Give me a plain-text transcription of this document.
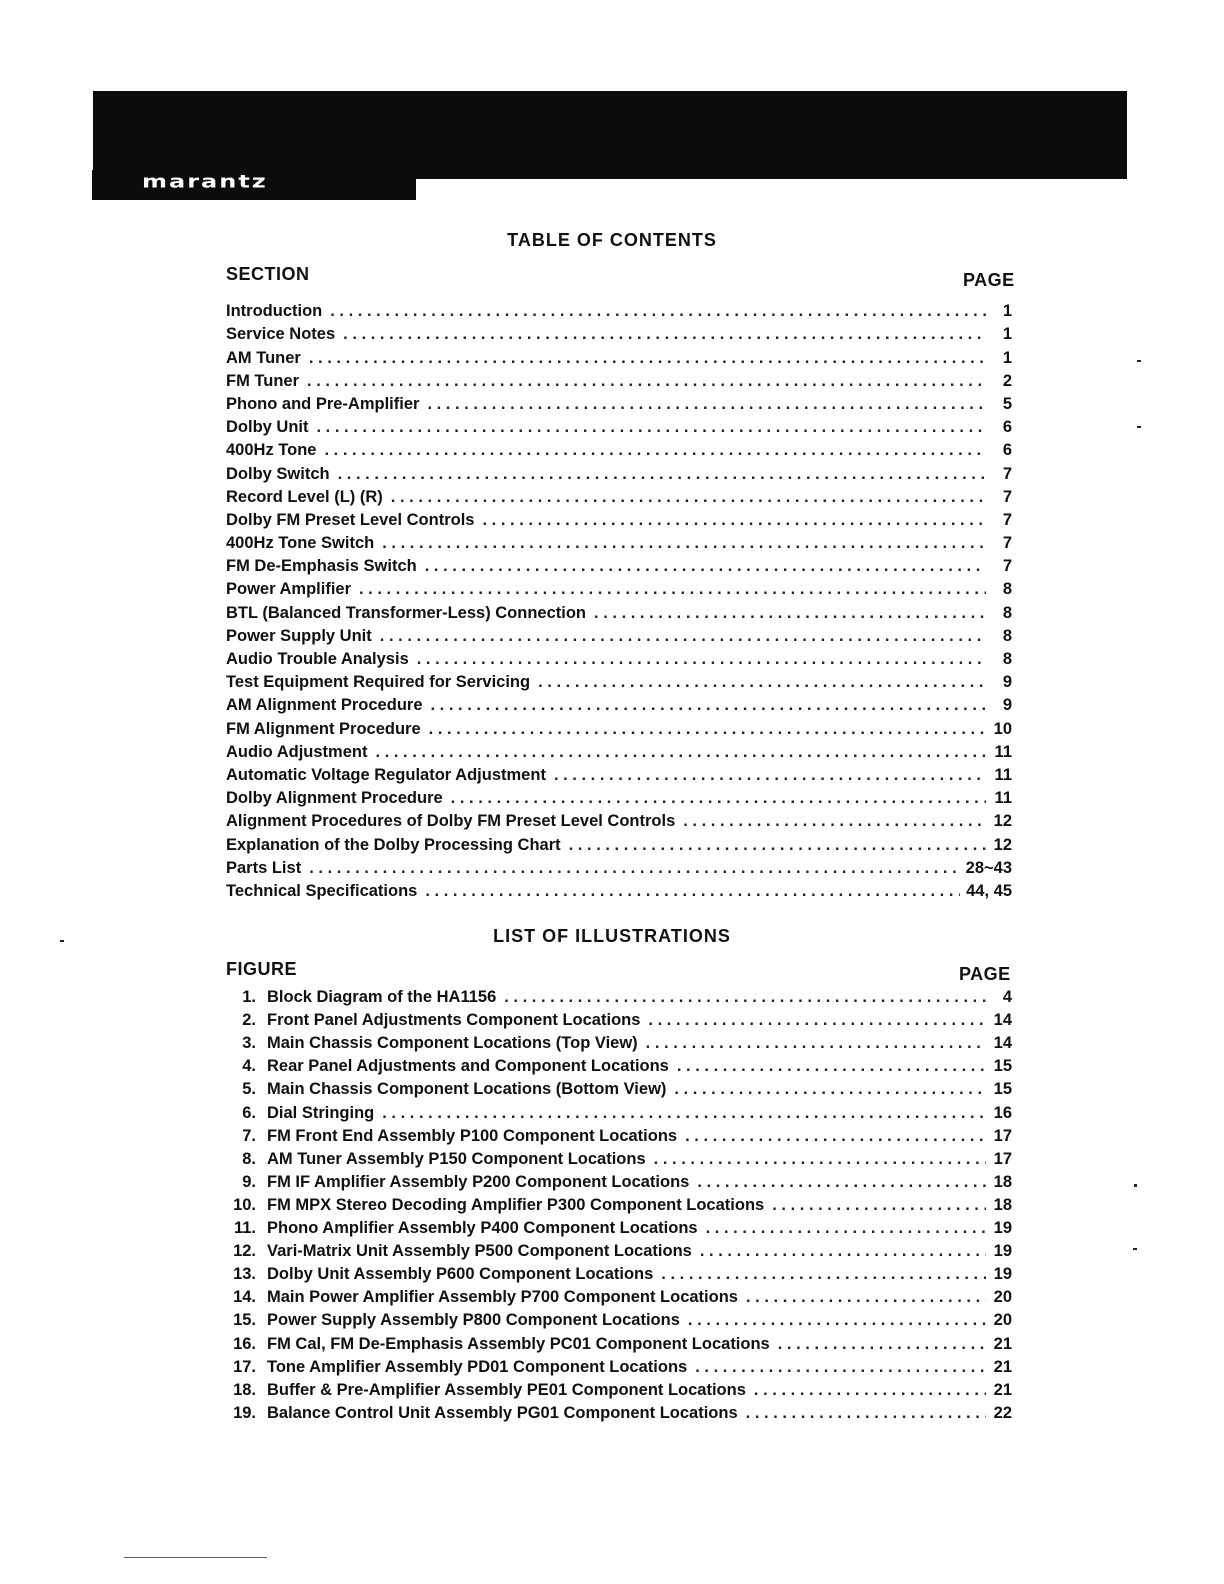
marantz
TABLE OF CONTENTS
SECTION	PAGE
Introduction .....	1
Service Notes .....	1
AM Tuner .....	1
FM Tuner .....	2
Phono and Pre-Amplifier .....	5
Dolby Unit .....	6
400Hz Tone .....	6
Dolby Switch .....	7
Record Level (L) (R) .....	7
Dolby FM Preset Level Controls .....	7
400Hz Tone Switch .....	7
FM De-Emphasis Switch .....	7
Power Amplifier .....	8
BTL (Balanced Transformer-Less) Connection .....	8
Power Supply Unit .....	8
Audio Trouble Analysis .....	8
Test Equipment Required for Servicing .....	9
AM Alignment Procedure .....	9
FM Alignment Procedure .....	10
Audio Adjustment .....	11
Automatic Voltage Regulator Adjustment .....	11
Dolby Alignment Procedure .....	11
Alignment Procedures of Dolby FM Preset Level Controls .....	12
Explanation of the Dolby Processing Chart .....	12
Parts List .....	28~43
Technical Specifications .....	44, 45
LIST OF ILLUSTRATIONS
FIGURE	PAGE
1. Block Diagram of the HA1156 .....	4
2. Front Panel Adjustments Component Locations .....	14
3. Main Chassis Component Locations (Top View) .....	14
4. Rear Panel Adjustments and Component Locations .....	15
5. Main Chassis Component Locations (Bottom View) .....	15
6. Dial Stringing .....	16
7. FM Front End Assembly P100 Component Locations .....	17
8. AM Tuner Assembly P150 Component Locations .....	17
9. FM IF Amplifier Assembly P200 Component Locations .....	18
10. FM MPX Stereo Decoding Amplifier P300 Component Locations .....	18
11. Phono Amplifier Assembly P400 Component Locations .....	19
12. Vari-Matrix Unit Assembly P500 Component Locations .....	19
13. Dolby Unit Assembly P600 Component Locations .....	19
14. Main Power Amplifier Assembly P700 Component Locations .....	20
15. Power Supply Assembly P800 Component Locations .....	20
16. FM Cal, FM De-Emphasis Assembly PC01 Component Locations .....	21
17. Tone Amplifier Assembly PD01 Component Locations .....	21
18. Buffer & Pre-Amplifier Assembly PE01 Component Locations .....	21
19. Balance Control Unit Assembly PG01 Component Locations .....	22
